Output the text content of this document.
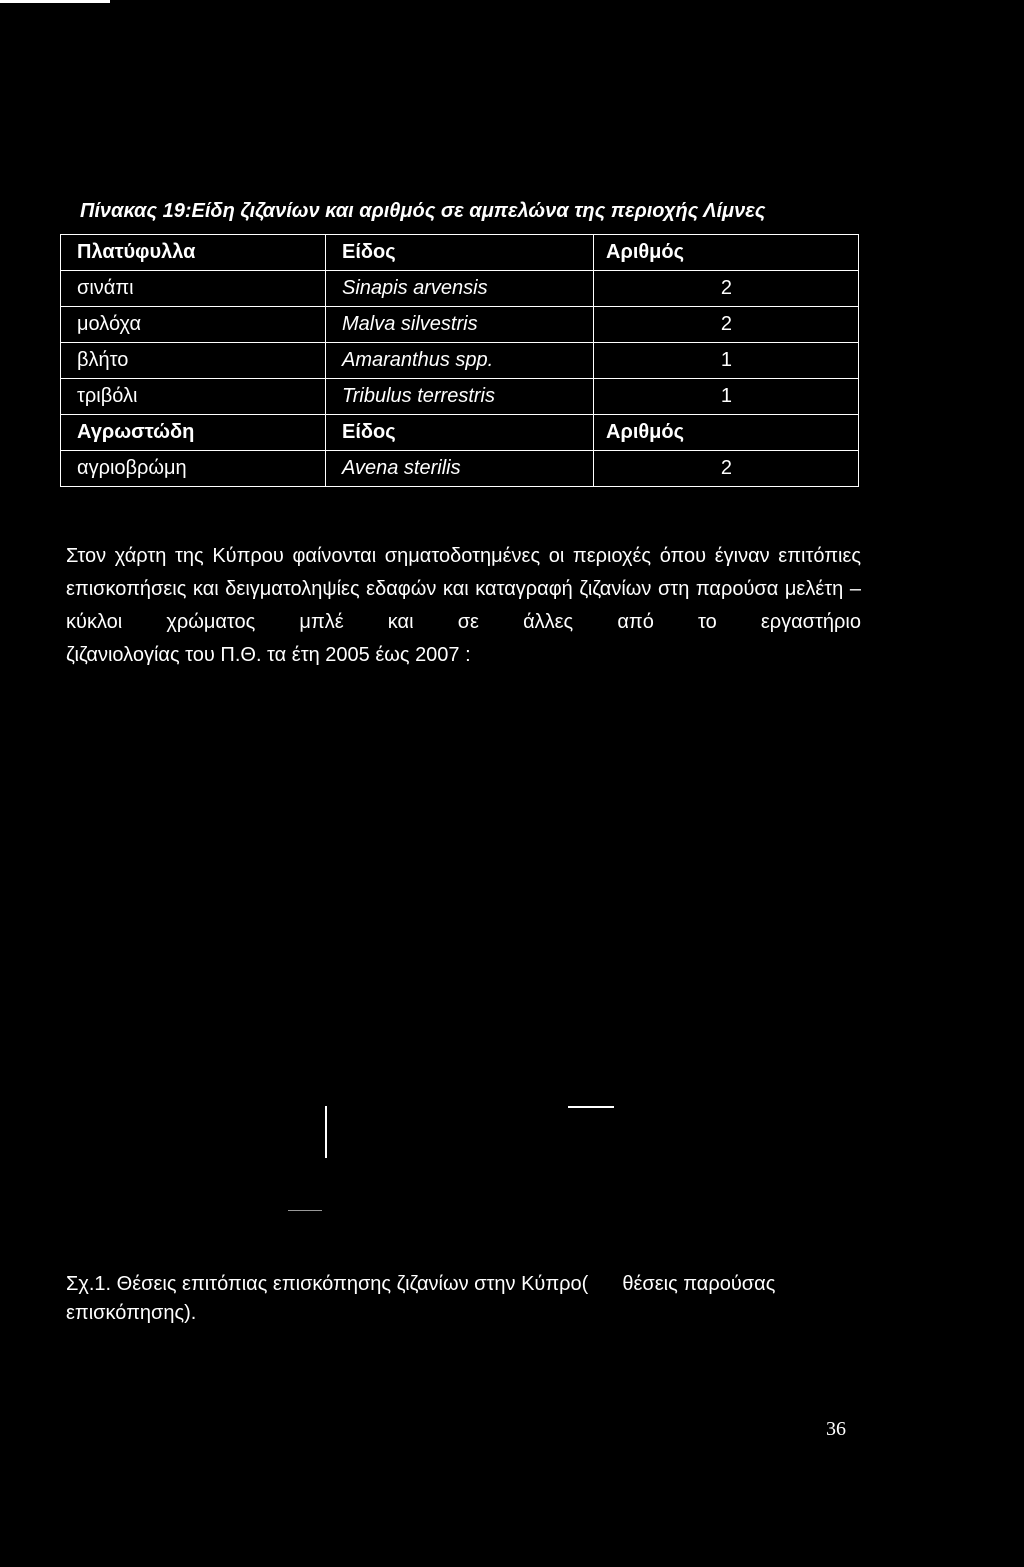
Πίνακας 19:Είδη ζιζανίων και αριθμός σε αμπελώνα της περιοχής Λίμνες
Πλατύφυλλα	Είδος	Αριθμός
σινάπι	Sinapis arvensis	2
μολόχα	Malva silvestris	2
βλήτο	Amaranthus spp.	1
τριβόλι	Tribulus terrestris	1
Αγρωστώδη	Είδος	Αριθμός
αγριοβρώμη	Avena sterilis	2
Στον χάρτη της Κύπρου φαίνονται σηματοδοτημένες οι περιοχές όπου έγιναν επιτόπιες επισκοπήσεις και δειγματοληψίες εδαφών και καταγραφή ζιζανίων στη παρούσα μελέτη –κύκλοι χρώματος μπλέ και σε άλλες από το εργαστήριο
ζιζανιολογίας του Π.Θ. τα έτη 2005 έως 2007 :
Σχ.1. Θέσεις επιτόπιας επισκόπησης ζιζανίων στην Κύπρο( θέσεις παρούσας
επισκόπησης).
36
